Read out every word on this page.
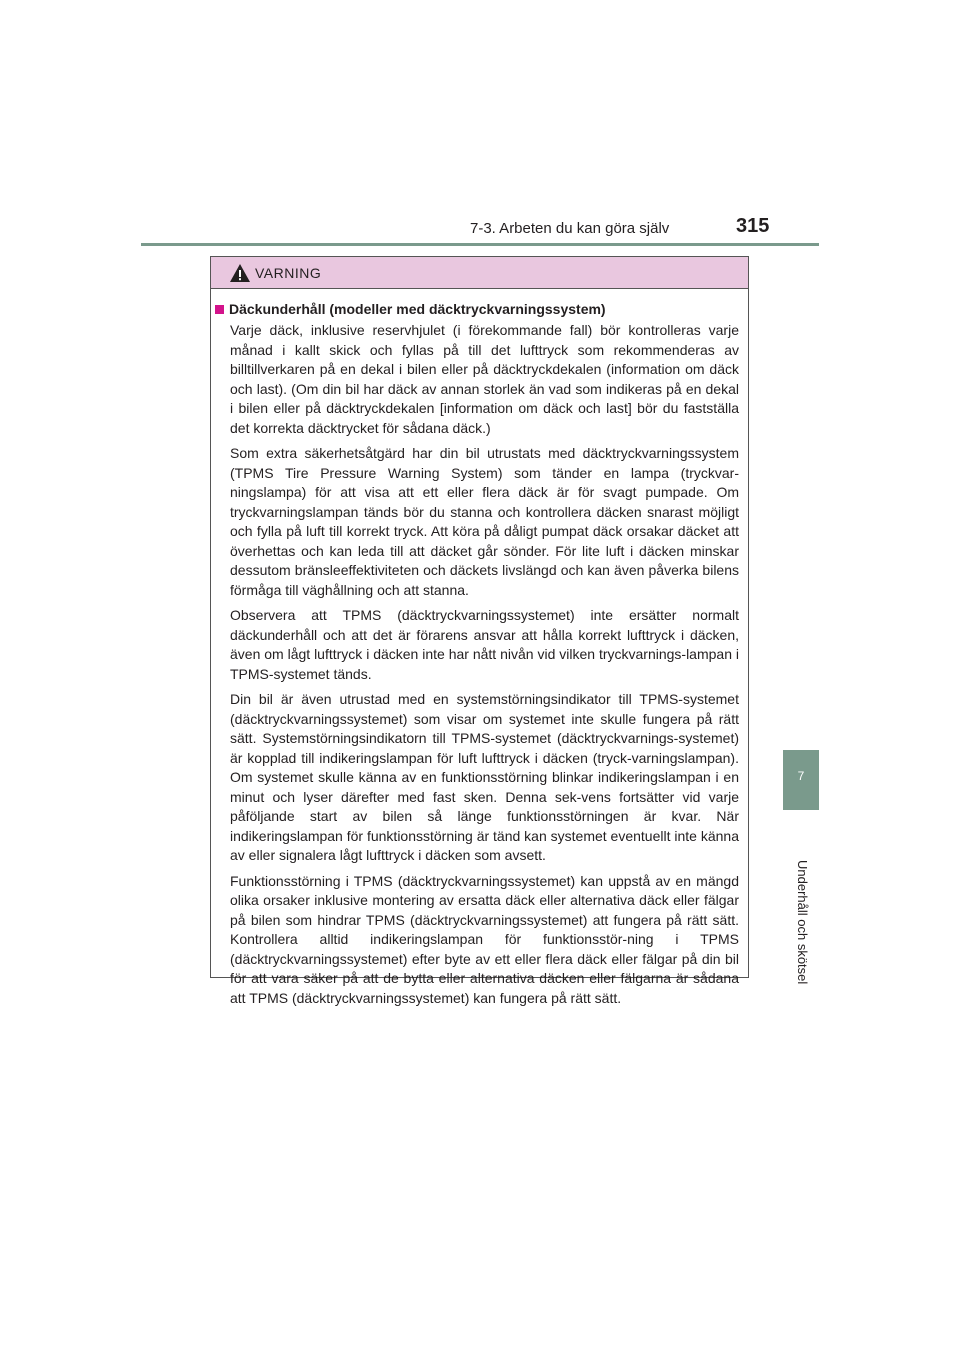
7-3. Arbeten du kan göra själv	315
7
Underhåll och skötsel
VARNING
Däckunderhåll (modeller med däcktryckvarningssystem)

Varje däck, inklusive reservhjulet (i förekommande fall) bör kontrolleras varje månad i kallt skick och fyllas på till det lufttryck som rekommenderas av billtillverkaren på en dekal i bilen eller på däcktryckdekalen (information om däck och last). (Om din bil har däck av annan storlek än vad som indikeras på en dekal i bilen eller på däcktryckdekalen [information om däck och last] bör du fastställa det korrekta däcktrycket för sådana däck.)

Som extra säkerhetsåtgärd har din bil utrustats med däcktryckvarningssystem (TPMS Tire Pressure Warning System) som tänder en lampa (tryckvar-ningslampa) för att visa att ett eller flera däck är för svagt pumpade. Om tryckvarningslampan tänds bör du stanna och kontrollera däcken snarast möjligt och fylla på luft till korrekt tryck. Att köra på dåligt pumpat däck orsakar däcket att överhettas och kan leda till att däcket går sönder. För lite luft i däcken minskar dessutom bränsleeffektiviteten och däckets livslängd och kan även påverka bilens förmåga till väghållning och att stanna.

Observera att TPMS (däcktryckvarningssystemet) inte ersätter normalt däckunderhåll och att det är förarens ansvar att hålla korrekt lufttryck i däcken, även om lågt lufttryck i däcken inte har nått nivån vid vilken tryckvarnings-lampan i TPMS-systemet tänds.

Din bil är även utrustad med en systemstörningsindikator till TPMS-systemet (däcktryckvarningssystemet) som visar om systemet inte skulle fungera på rätt sätt. Systemstörningsindikatorn till TPMS-systemet (däcktryckvarnings-systemet) är kopplad till indikeringslampan för luft lufttryck i däcken (tryck-varningslampan). Om systemet skulle känna av en funktionsstörning blinkar indikeringslampan i en minut och lyser därefter med fast sken. Denna sek-vens fortsätter vid varje påföljande start av bilen så länge funktionsstörningen är kvar. När indikeringslampan för funktionsstörning är tänd kan systemet eventuellt inte känna av eller signalera lågt lufttryck i däcken som avsett.

Funktionsstörning i TPMS (däcktryckvarningssystemet) kan uppstå av en mängd olika orsaker inklusive montering av ersatta däck eller alternativa däck eller fälgar på bilen som hindrar TPMS (däcktryckvarningssystemet) att fungera på rätt sätt. Kontrollera alltid indikeringslampan för funktionsstör-ning i TPMS (däcktryckvarningssystemet) efter byte av ett eller flera däck eller fälgar på din bil för att vara säker på att de bytta eller alternativa däcken eller fälgarna är sådana att TPMS (däcktryckvarningssystemet) kan fungera på rätt sätt.
